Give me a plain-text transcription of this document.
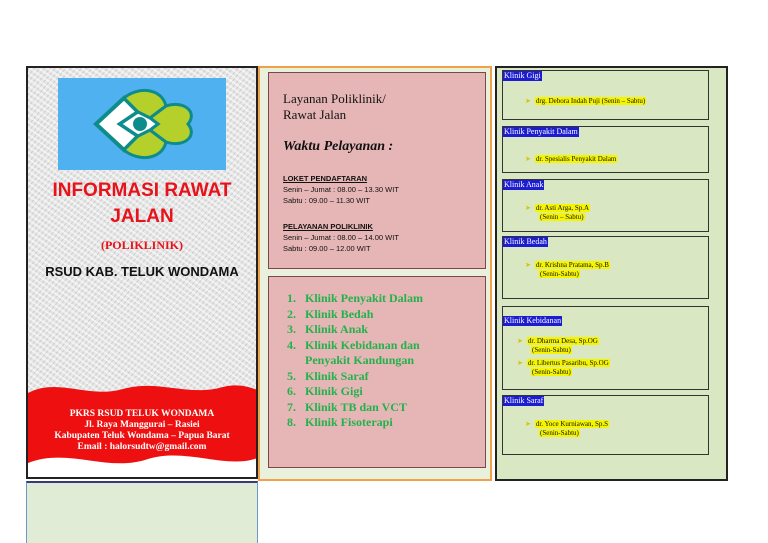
INFORMASI RAWAT
JALAN
(POLIKLINIK)
RSUD KAB. TELUK WONDAMA
PKRS RSUD TELUK WONDAMA
Jl. Raya Manggurai – Rasiei
Kabupaten Teluk Wondama – Papua Barat
Email : halorsudtw@gmail.com
Layanan Poliklinik/
Rawat Jalan
Waktu Pelayanan :
LOKET PENDAFTARAN
Senin – Jumat : 08.00 – 13.30 WIT
Sabtu : 09.00 – 11.30 WIT
PELAYANAN POLIKLINIK
Senin – Jumat : 08.00 – 14.00 WIT
Sabtu : 09.00 – 12.00 WIT
1. Klinik Penyakit Dalam
2. Klinik Bedah
3. Klinik Anak
4. Klinik Kebidanan dan
Penyakit Kandungan
5. Klinik Saraf
6. Klinik Gigi
7. Klinik TB dan VCT
8. Klinik Fisoterapi
Klinik Gigi
➤ drg. Debora Indah Puji (Senin – Sabtu)
Klinik Penyakit Dalam
➤ dr. Spesialis Penyakit Dalam
Klinik Anak
➤ dr. Asti Arga, Sp.A
(Senin – Sabtu)
Klinik Bedah
➤ dr. Krishna Pratama, Sp.B
(Senin-Sabtu)
Klinik Kebidanan
➤ dr. Dharma Desa, Sp.OG
(Senin-Sabtu)
➤ dr. Libertus Pasaribu, Sp.OG
(Senin-Sabtu)
Klinik Saraf
➤ dr. Yoce Kurniawan, Sp.S
(Senin-Sabtu)
